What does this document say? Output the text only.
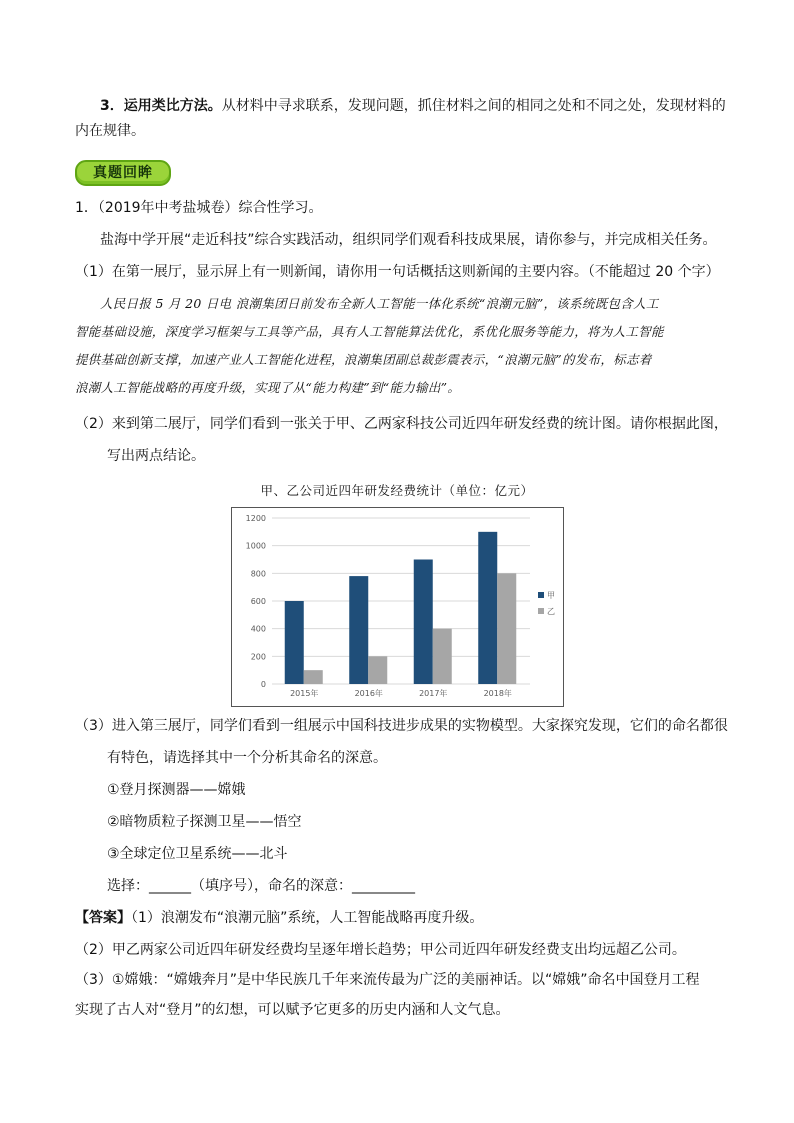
3．运用类比方法。从材料中寻求联系，发现问题，抓住材料之间的相同之处和不同之处，发现材料的
内在规律。
真题回眸
1．（2019年中考盐城卷）综合性学习。
盐海中学开展“走近科技”综合实践活动，组织同学们观看科技成果展，请你参与，并完成相关任务。
（1）在第一展厅，显示屏上有一则新闻，请你用一句话概括这则新闻的主要内容。（不能超过 20 个字）
人民日报 5 月 20 日电 浪潮集团日前发布全新人工智能一体化系统“浪潮元脑”，该系统既包含人工
智能基础设施，深度学习框架与工具等产品，具有人工智能算法优化，系优化服务等能力，将为人工智能
提供基础创新支撑，加速产业人工智能化进程，浪潮集团副总裁彭震表示，“浪潮元脑”的发布，标志着
浪潮人工智能战略的再度升级，实现了从“能力构建”到“能力输出”。
（2）来到第二展厅，同学们看到一张关于甲、乙两家科技公司近四年研发经费的统计图。请你根据此图，
写出两点结论。
甲、乙公司近四年研发经费统计（单位：亿元）
0
200
400
600
800
1000
1200
2015年	2016年	2017年	2018年
甲
乙
（3）进入第三展厅，同学们看到一组展示中国科技进步成果的实物模型。大家探究发现，它们的命名都很
有特色，请选择其中一个分析其命名的深意。
①登月探测器——嫦娥
②暗物质粒子探测卫星——悟空
③全球定位卫星系统——北斗
选择：______（填序号），命名的深意：_________
【答案】（1）浪潮发布“浪潮元脑”系统，人工智能战略再度升级。
（2）甲乙两家公司近四年研发经费均呈逐年增长趋势；甲公司近四年研发经费支出均远超乙公司。
（3）①嫦娥：“嫦娥奔月”是中华民族几千年来流传最为广泛的美丽神话。以“嫦娥”命名中国登月工程
实现了古人对“登月”的幻想，可以赋予它更多的历史内涵和人文气息。
